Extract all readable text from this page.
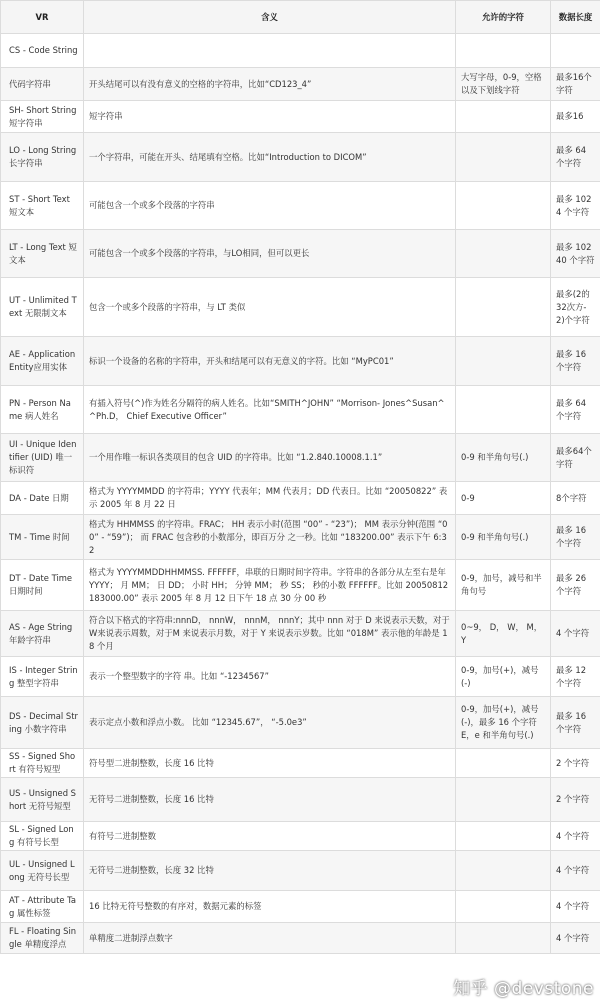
VR	含义	允许的字符	数据长度
CS - Code String			
代码字符串	开头结尾可以有没有意义的空格的字符串，比如“CD123_4”	大写字母，0-9，空格以及下划线字符	最多16个字符
SH- Short String 短字符串	短字符串		最多16
LO - Long String 长字符串	一个字符串，可能在开头、结尾填有空格。比如“Introduction to DICOM”		最多 64 个字符
ST - Short Text 短文本	可能包含一个或多个段落的字符串		最多 1024 个字符
LT - Long Text 短文本	可能包含一个或多个段落的字符串，与LO相同，但可以更长		最多 10240 个字符
UT - Unlimited Text 无限制文本	包含一个或多个段落的字符串，与 LT 类似		最多(2的32次方-2)个字符
AE - Application Entity应用实体	标识一个设备的名称的字符串，开头和结尾可以有无意义的字符。比如 “MyPC01”		最多 16 个字符
PN - Person Name 病人姓名	有插入符号(^)作为姓名分隔符的病人姓名。比如“SMITH^JOHN” “Morrison- Jones^Susan^^Ph.D， Chief Executive Officer”		最多 64 个字符
UI - Unique Identifier (UID) 唯一标识符	一个用作唯一标识各类项目的包含 UID 的字符串。比如 “1.2.840.10008.1.1”	0-9 和半角句号(.)	最多64个字符
DA - Date 日期	格式为 YYYYMMDD 的字符串；YYYY 代表年；MM 代表月；DD 代表日。比如 “20050822” 表示 2005 年 8 月 22 日	0-9	8个字符
TM - Time 时间	格式为 HHMMSS 的字符串。FRAC； HH 表示小时(范围 “00” - “23”)； MM 表示分钟(范围 “00” - “59”)； 而 FRAC 包含秒的小数部分，即百万分 之一秒。比如 “183200.00” 表示下午 6:32	0-9 和半角句号(.)	最多 16 个字符
DT - Date Time 日期时间	格式为 YYYYMMDDHHMMSS. FFFFFF，串联的日期时间字符串。字符串的各部分从左至右是年 YYYY； 月 MM； 日 DD； 小时 HH； 分钟 MM； 秒 SS； 秒的小数 FFFFFF。比如 20050812183000.00” 表示 2005 年 8 月 12 日下午 18 点 30 分 00 秒	0-9，加号，减号和半角句号	最多 26 个字符
AS - Age String 年龄字符串	符合以下格式的字符串:nnnD， nnnW， nnnM， nnnY；其中 nnn 对于 D 来说表示天数，对于W来说表示周数，对于M 来说表示月数，对于 Y 来说表示岁数。比如 “018M” 表示他的年龄是 18 个月	0~9， D， W， M， Y	4 个字符
IS - Integer String 整型字符串	表示一个整型数字的字符 串。比如 “-1234567”	0-9，加号(+)，减号(-)	最多 12 个字符
DS - Decimal String 小数字符串	表示定点小数和浮点小数。 比如 “12345.67”， “-5.0e3”	0-9，加号(+)，减号(-)，最多 16 个字符 E，e 和半角句号(.)	最多 16 个字符
SS - Signed Short 有符号短型	符号型二进制整数，长度 16 比特		2 个字符
US - Unsigned Short 无符号短型	无符号二进制整数，长度 16 比特		2 个字符
SL - Signed Long 有符号长型	有符号二进制整数		4 个字符
UL - Unsigned Long 无符号长型	无符号二进制整数，长度 32 比特		4 个字符
AT - Attribute Tag 属性标签	16 比特无符号整数的有序对，数据元素的标签		4 个字符
FL - Floating Single 单精度浮点	单精度二进制浮点数字		4 个字符
知乎 @devstone
